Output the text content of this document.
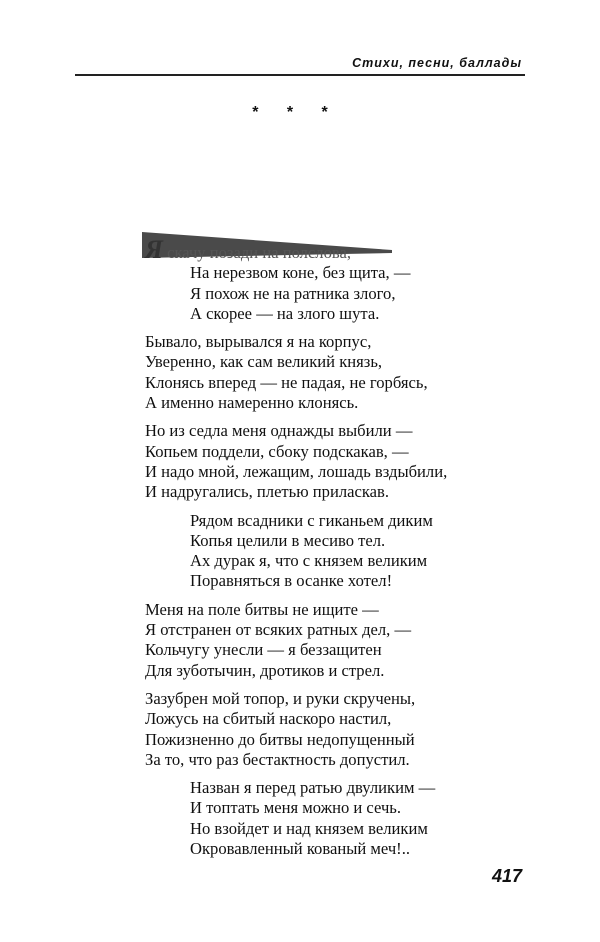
Стихи, песни, баллады
* * *
Я скачу позади на полслова,
На нерезвом коне, без щита, —
Я похож не на ратника злого,
А скорее — на злого шута.
Бывало, вырывался я на корпус,
Уверенно, как сам великий князь,
Клонясь вперед — не падая, не горбясь,
А именно намеренно клонясь.
Но из седла меня однажды выбили —
Копьем поддели, сбоку подскакав, —
И надо мной, лежащим, лошадь вздыбили,
И надругались, плетью приласкав.
Рядом всадники с гиканьем диким
Копья целили в месиво тел.
Ах дурак я, что с князем великим
Поравняться в осанке хотел!
Меня на поле битвы не ищите —
Я отстранен от всяких ратных дел, —
Кольчугу унесли — я беззащитен
Для зуботычин, дротиков и стрел.
Зазубрен мой топор, и руки скручены,
Ложусь на сбитый наскоро настил,
Пожизненно до битвы недопущенный
За то, что раз бестактность допустил.
Назван я перед ратью двуликим —
И топтать меня можно и сечь.
Но взойдет и над князем великим
Окровавленный кованый меч!..
417
